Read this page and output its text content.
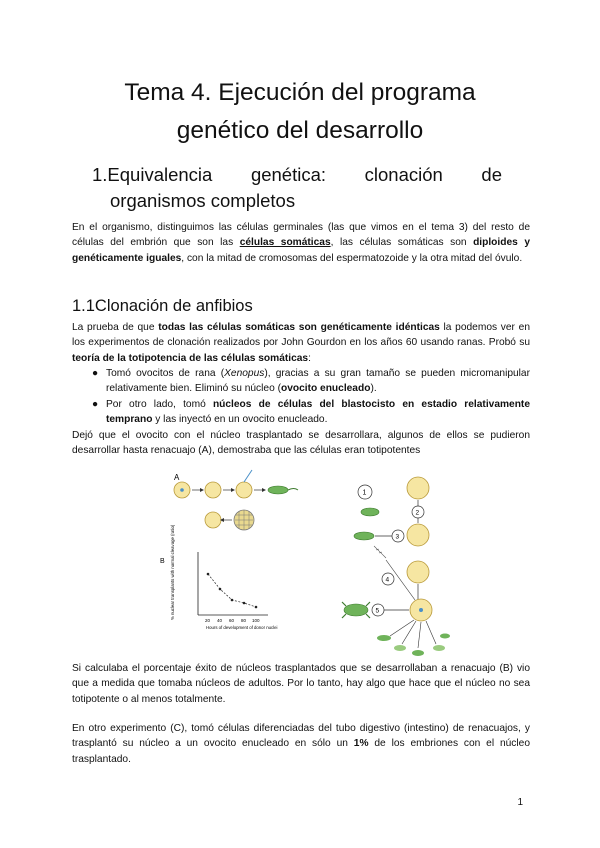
Tema 4. Ejecución del programa
genético del desarrollo
1.Equivalencia genética: clonación de
organismos completos
En el organismo, distinguimos las células germinales (las que vimos en el tema 3) del resto de células del embrión que son las células somáticas, las células somáticas son diploides y genéticamente iguales, con la mitad de cromosomas del espermatozoide y la otra mitad del óvulo.
1.1Clonación de anfibios
La prueba de que todas las células somáticas son genéticamente idénticas la podemos ver en los experimentos de clonación realizados por John Gourdon en los años 60 usando ranas. Probó su teoría de la totipotencia de las células somáticas:
● Tomó ovocitos de rana (Xenopus), gracias a su gran tamaño se pueden micromanipular relativamente bien. Eliminó su núcleo (ovocito enucleado).
● Por otro lado, tomó núcleos de células del blastocisto en estadio relativamente temprano y las inyectó en un ovocito enucleado.
Dejó que el ovocito con el núcleo trasplantado se desarrollara, algunos de ellos se pudieron desarrollar hasta renacuajo (A), demostraba que las células eran totipotentes
A
B % nuclear transplants with normal cleavage (ratio)
20 40 60 80 100
Hours of development of donor nuclei
1
2
3
4
5
Si calculaba el porcentaje éxito de núcleos trasplantados que se desarrollaban a renacuajo (B) vio que a medida que tomaba núcleos de adultos. Por lo tanto, hay algo que hace que el núcleo no sea totipotente o al menos totalmente.
En otro experimento (C), tomó células diferenciadas del tubo digestivo (intestino) de renacuajos, y trasplantó su núcleo a un ovocito enucleado en sólo un 1% de los embriones con el núcleo trasplantado.
1
